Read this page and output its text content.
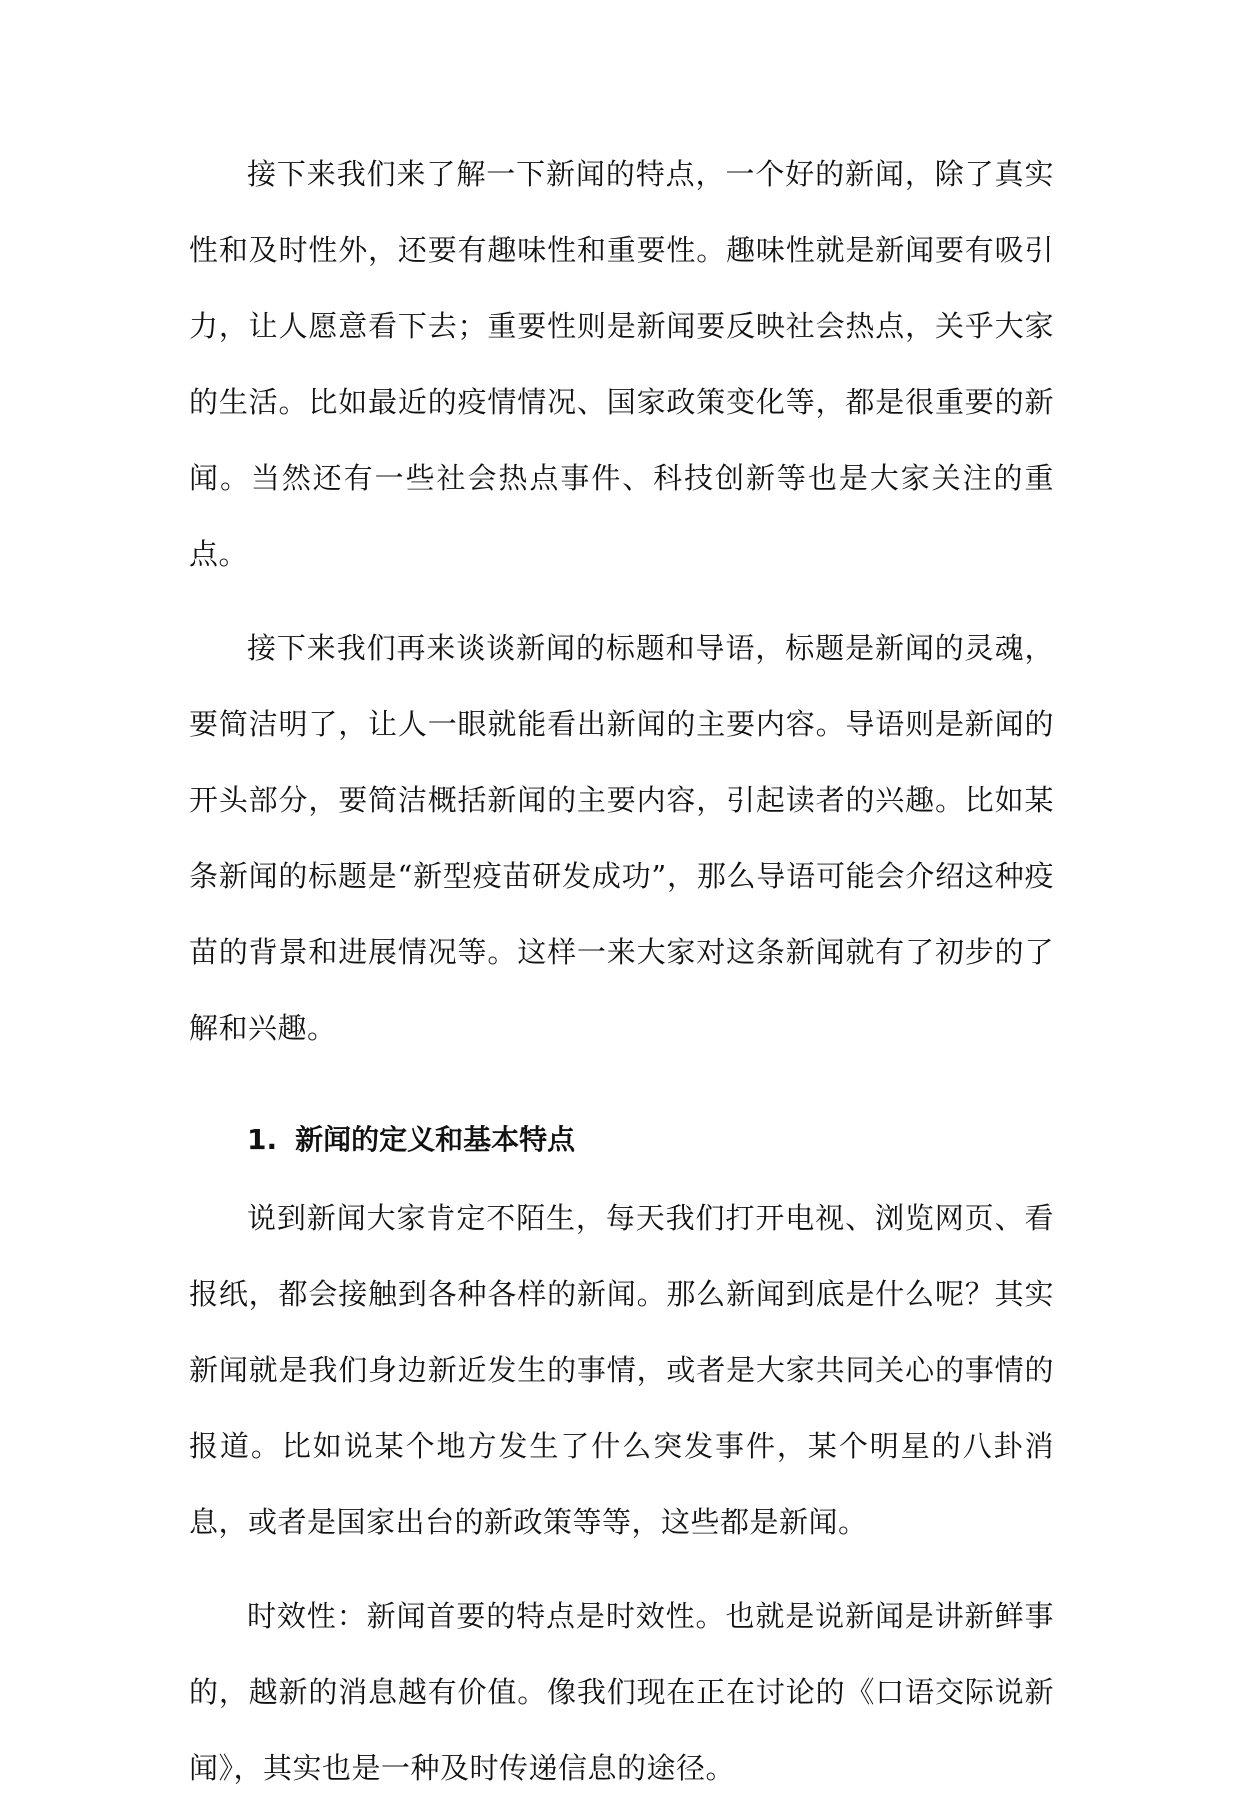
接下来我们来了解一下新闻的特点，一个好的新闻，除了真实性和及时性外，还要有趣味性和重要性。趣味性就是新闻要有吸引力，让人愿意看下去；重要性则是新闻要反映社会热点，关乎大家的生活。比如最近的疫情情况、国家政策变化等，都是很重要的新闻。当然还有一些社会热点事件、科技创新等也是大家关注的重点。

接下来我们再来谈谈新闻的标题和导语，标题是新闻的灵魂，要简洁明了，让人一眼就能看出新闻的主要内容。导语则是新闻的开头部分，要简洁概括新闻的主要内容，引起读者的兴趣。比如某条新闻的标题是“新型疫苗研发成功”，那么导语可能会介绍这种疫苗的背景和进展情况等。这样一来大家对这条新闻就有了初步的了解和兴趣。

1. 新闻的定义和基本特点

说到新闻大家肯定不陌生，每天我们打开电视、浏览网页、看报纸，都会接触到各种各样的新闻。那么新闻到底是什么呢？其实新闻就是我们身边新近发生的事情，或者是大家共同关心的事情的报道。比如说某个地方发生了什么突发事件，某个明星的八卦消息，或者是国家出台的新政策等等，这些都是新闻。

时效性：新闻首要的特点是时效性。也就是说新闻是讲新鲜事的，越新的消息越有价值。像我们现在正在讨论的《口语交际说新闻》，其实也是一种及时传递信息的途径。
